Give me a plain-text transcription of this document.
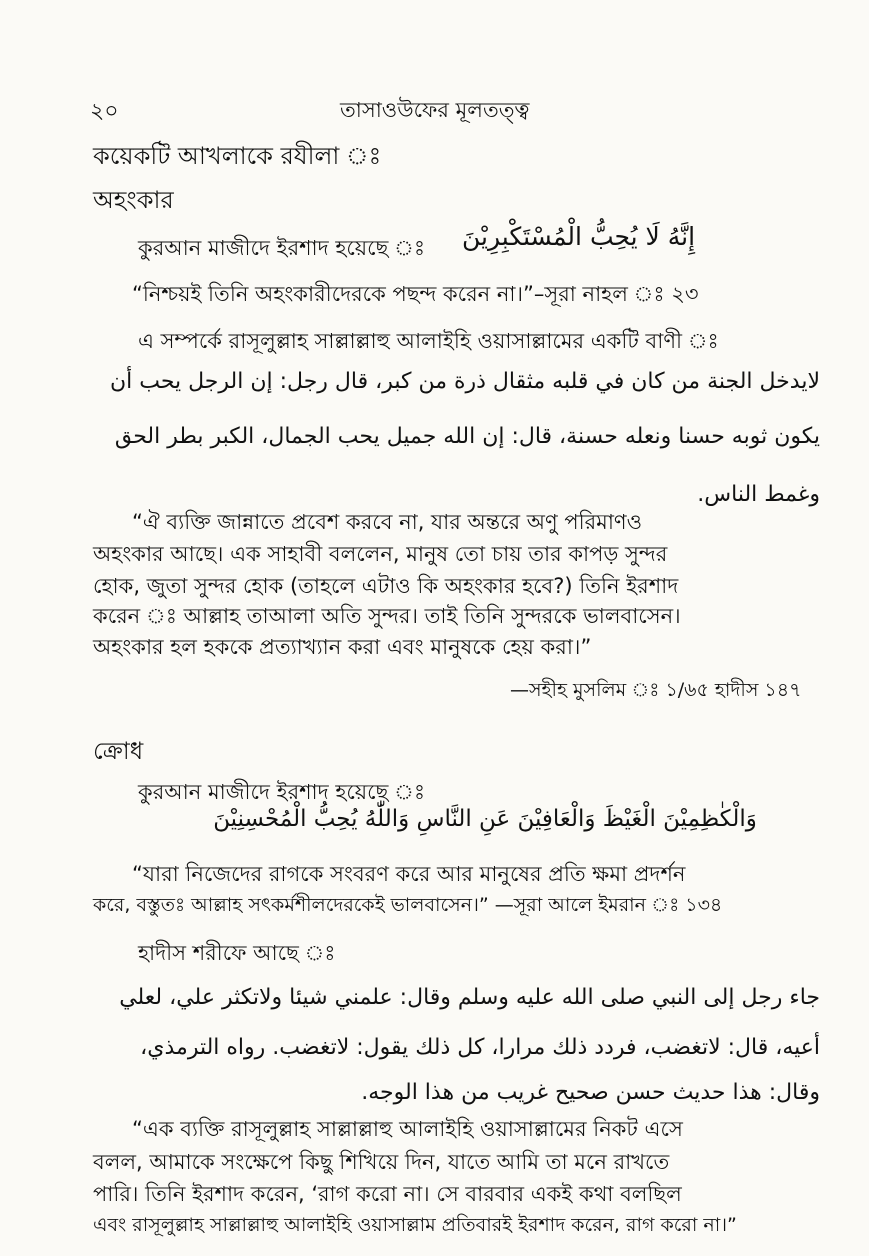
২০	তাসাওউফের মূলতত্ত্ব
কয়েকটি আখলাকে রযীলা ঃ
অহংকার
কুরআন মাজীদে ইরশাদ হয়েছে ঃ إِنَّهُ لَا يُحِبُّ الْمُسْتَكْبِرِيْنَ
“নিশ্চয়ই তিনি অহংকারীদেরকে পছন্দ করেন না।”–সূরা নাহল ঃ ২৩
এ সম্পর্কে রাসূলুল্লাহ সাল্লাল্লাহু আলাইহি ওয়াসাল্লামের একটি বাণী ঃ
لايدخل الجنة من كان في قلبه مثقال ذرة من كبر، قال رجل: إن الرجل يحب أن
يكون ثوبه حسنا ونعله حسنة، قال: إن الله جميل يحب الجمال، الكبر بطر الحق
وغمط الناس.
“ঐ ব্যক্তি জান্নাতে প্রবেশ করবে না, যার অন্তরে অণু পরিমাণও
অহংকার আছে। এক সাহাবী বললেন, মানুষ তো চায় তার কাপড় সুন্দর
হোক, জুতা সুন্দর হোক (তাহলে এটাও কি অহংকার হবে?) তিনি ইরশাদ
করেন ঃ আল্লাহ তাআলা অতি সুন্দর। তাই তিনি সুন্দরকে ভালবাসেন।
অহংকার হল হককে প্রত্যাখ্যান করা এবং মানুষকে হেয় করা।”
—সহীহ মুসলিম ঃ ১/৬৫ হাদীস ১৪৭
ক্রোধ
কুরআন মাজীদে ইরশাদ হয়েছে ঃ
وَالْكٰظِمِيْنَ الْغَيْظَ وَالْعَافِيْنَ عَنِ النَّاسِ وَاللّٰهُ يُحِبُّ الْمُحْسِنِيْنَ
“যারা নিজেদের রাগকে সংবরণ করে আর মানুষের প্রতি ক্ষমা প্রদর্শন
করে, বস্তুতঃ আল্লাহ সৎকর্মশীলদেরকেই ভালবাসেন।” —সূরা আলে ইমরান ঃ ১৩৪
হাদীস শরীফে আছে ঃ
جاء رجل إلى النبي صلى الله عليه وسلم وقال: علمني شيئا ولاتكثر علي، لعلي
أعيه، قال: لاتغضب، فردد ذلك مرارا، كل ذلك يقول: لاتغضب. رواه الترمذي،
وقال: هذا حديث حسن صحيح غريب من هذا الوجه.
“এক ব্যক্তি রাসূলুল্লাহ সাল্লাল্লাহু আলাইহি ওয়াসাল্লামের নিকট এসে
বলল, আমাকে সংক্ষেপে কিছু শিখিয়ে দিন, যাতে আমি তা মনে রাখতে
পারি। তিনি ইরশাদ করেন, ‘রাগ করো না। সে বারবার একই কথা বলছিল
এবং রাসূলুল্লাহ সাল্লাল্লাহু আলাইহি ওয়াসাল্লাম প্রতিবারই ইরশাদ করেন, রাগ করো না।”
